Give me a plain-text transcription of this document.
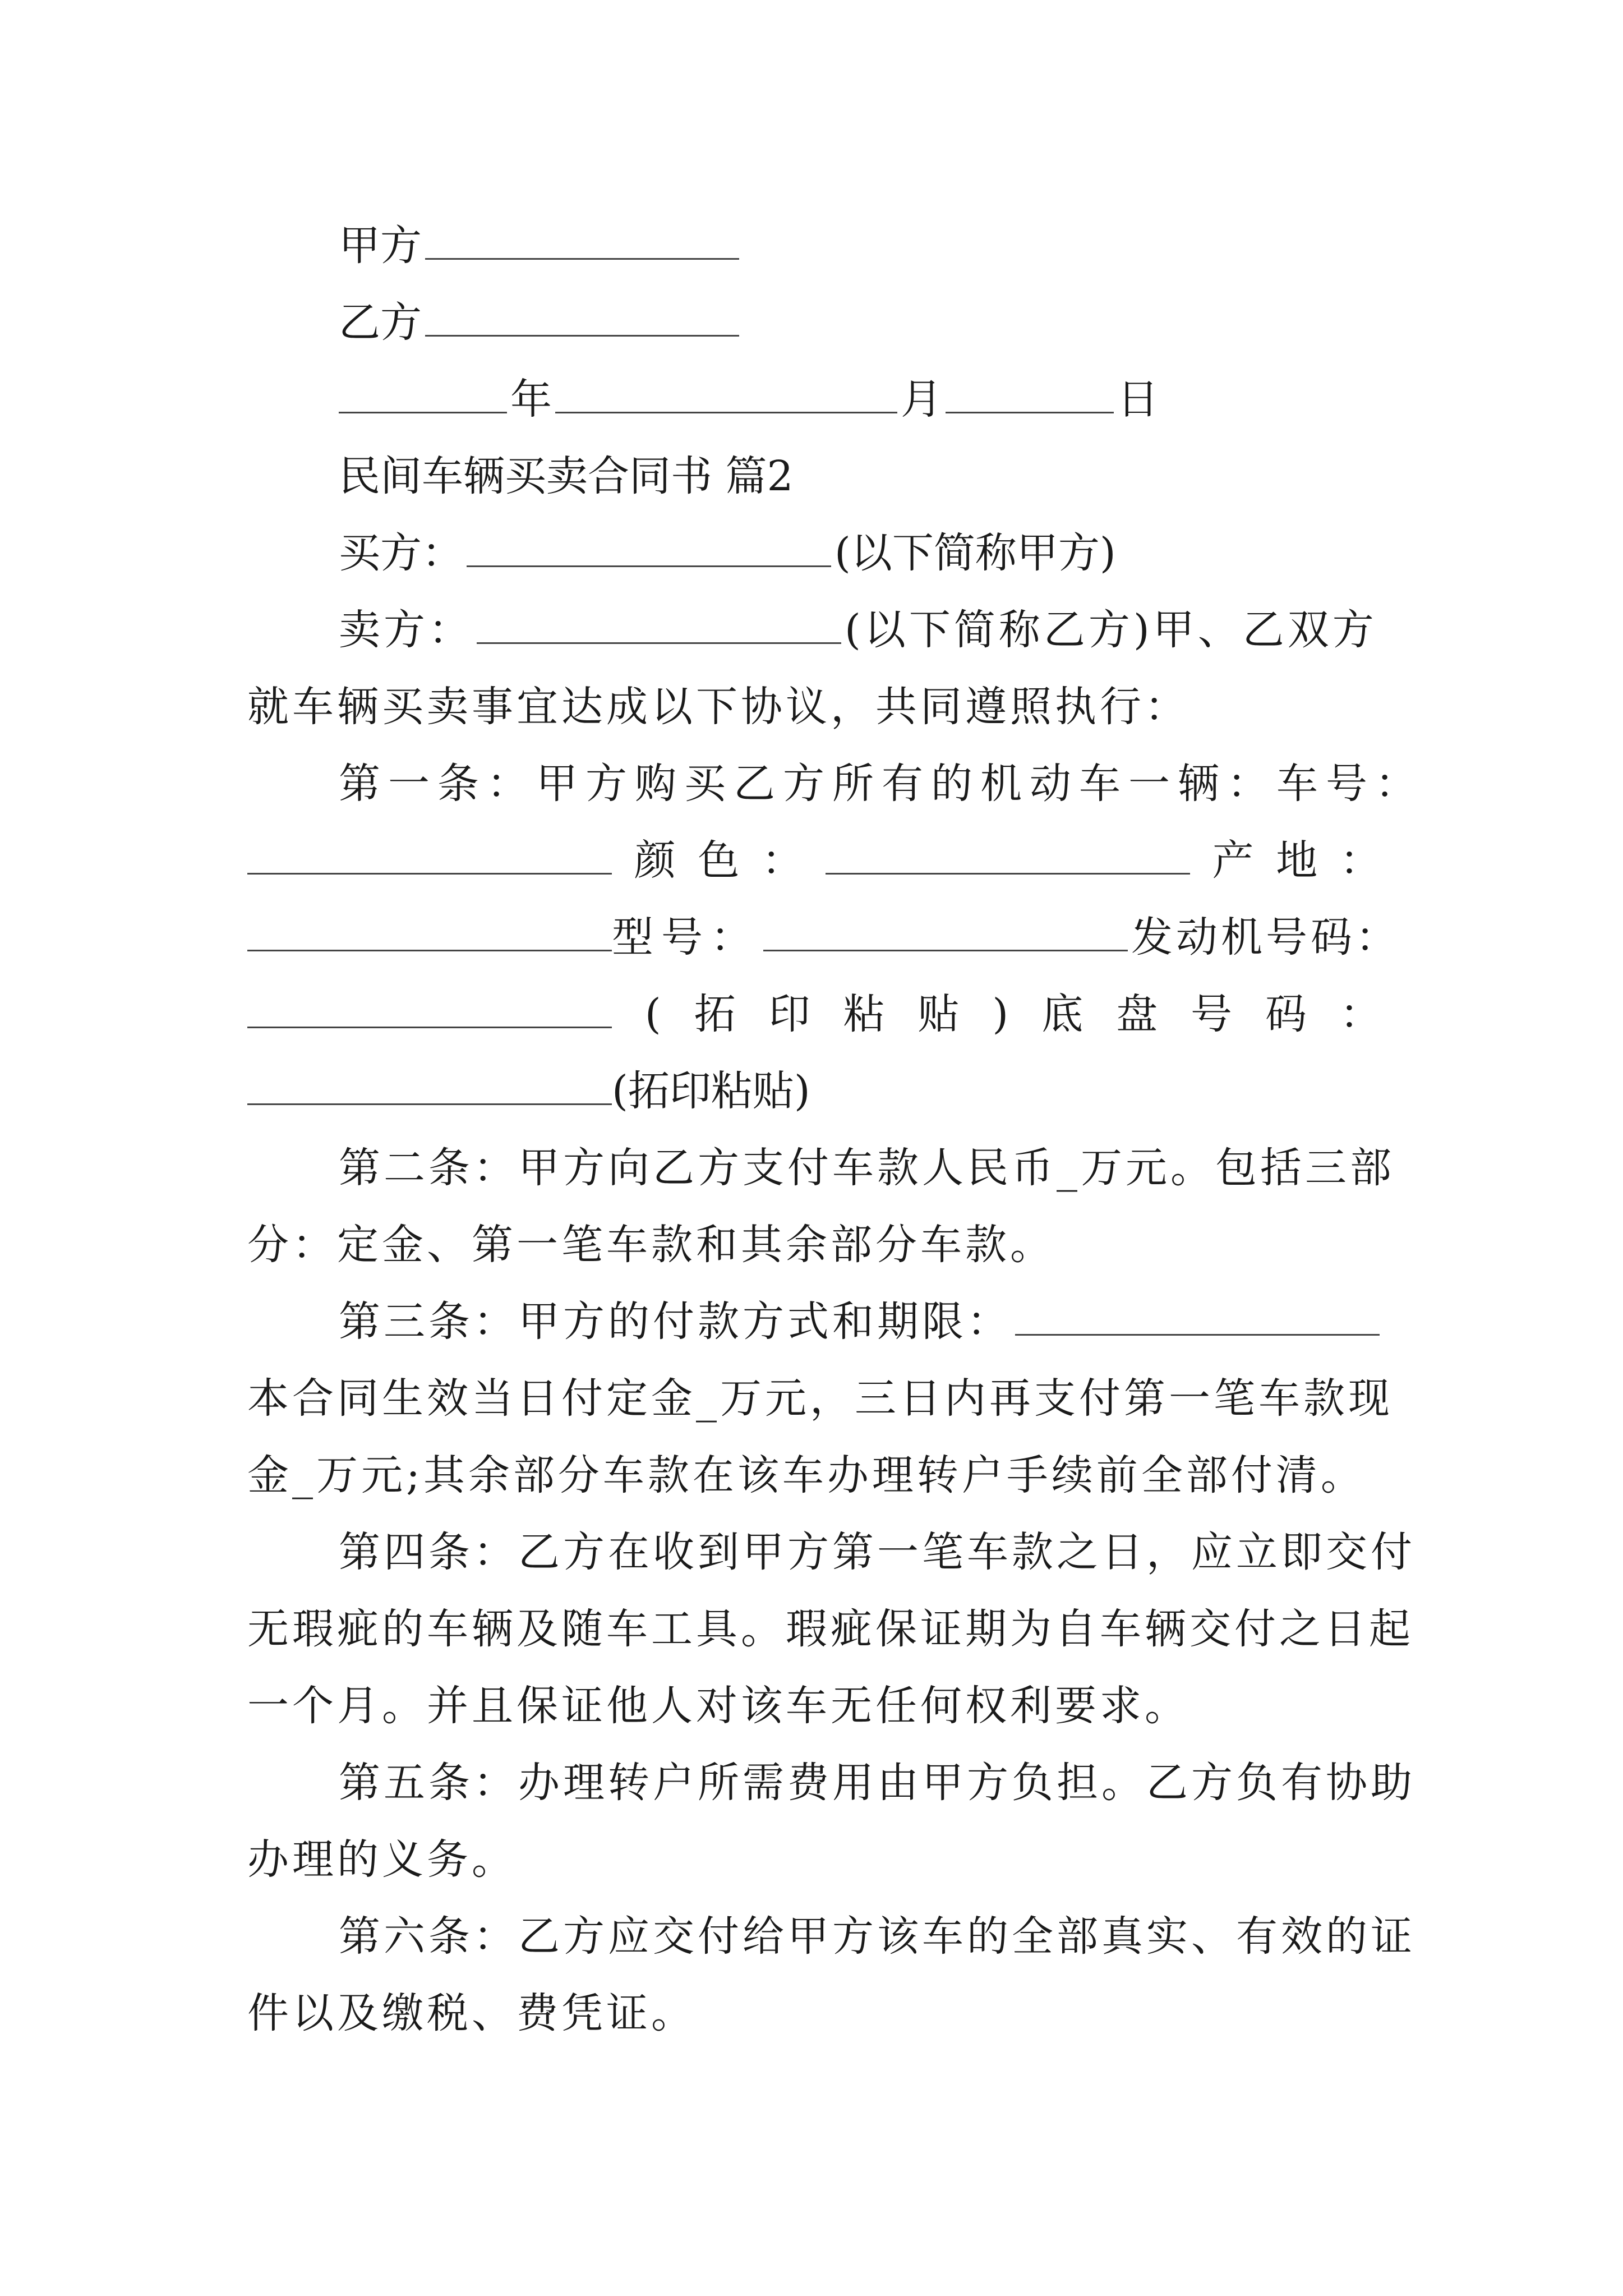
甲方
乙方
年	月	日
民间车辆买卖合同书 篇2
买方：	(以下简称甲方)
卖方：	(以下简称乙方)甲、乙双方
就车辆买卖事宜达成以下协议，共同遵照执行：
第一条：甲方购买乙方所有的机动车一辆：车号：
颜 色 ：	产 地 ：
型号：	发动机号码：
( 拓 印 粘 贴 ) 底 盘 号 码 ：
(拓印粘贴)
第二条：甲方向乙方支付车款人民币_万元。包括三部
分：定金、第一笔车款和其余部分车款。
第三条：甲方的付款方式和期限：
本合同生效当日付定金_万元，三日内再支付第一笔车款现
金_万元;其余部分车款在该车办理转户手续前全部付清。
第四条：乙方在收到甲方第一笔车款之日，应立即交付
无瑕疵的车辆及随车工具。瑕疵保证期为自车辆交付之日起
一个月。并且保证他人对该车无任何权利要求。
第五条：办理转户所需费用由甲方负担。乙方负有协助
办理的义务。
第六条：乙方应交付给甲方该车的全部真实、有效的证
件以及缴税、费凭证。
